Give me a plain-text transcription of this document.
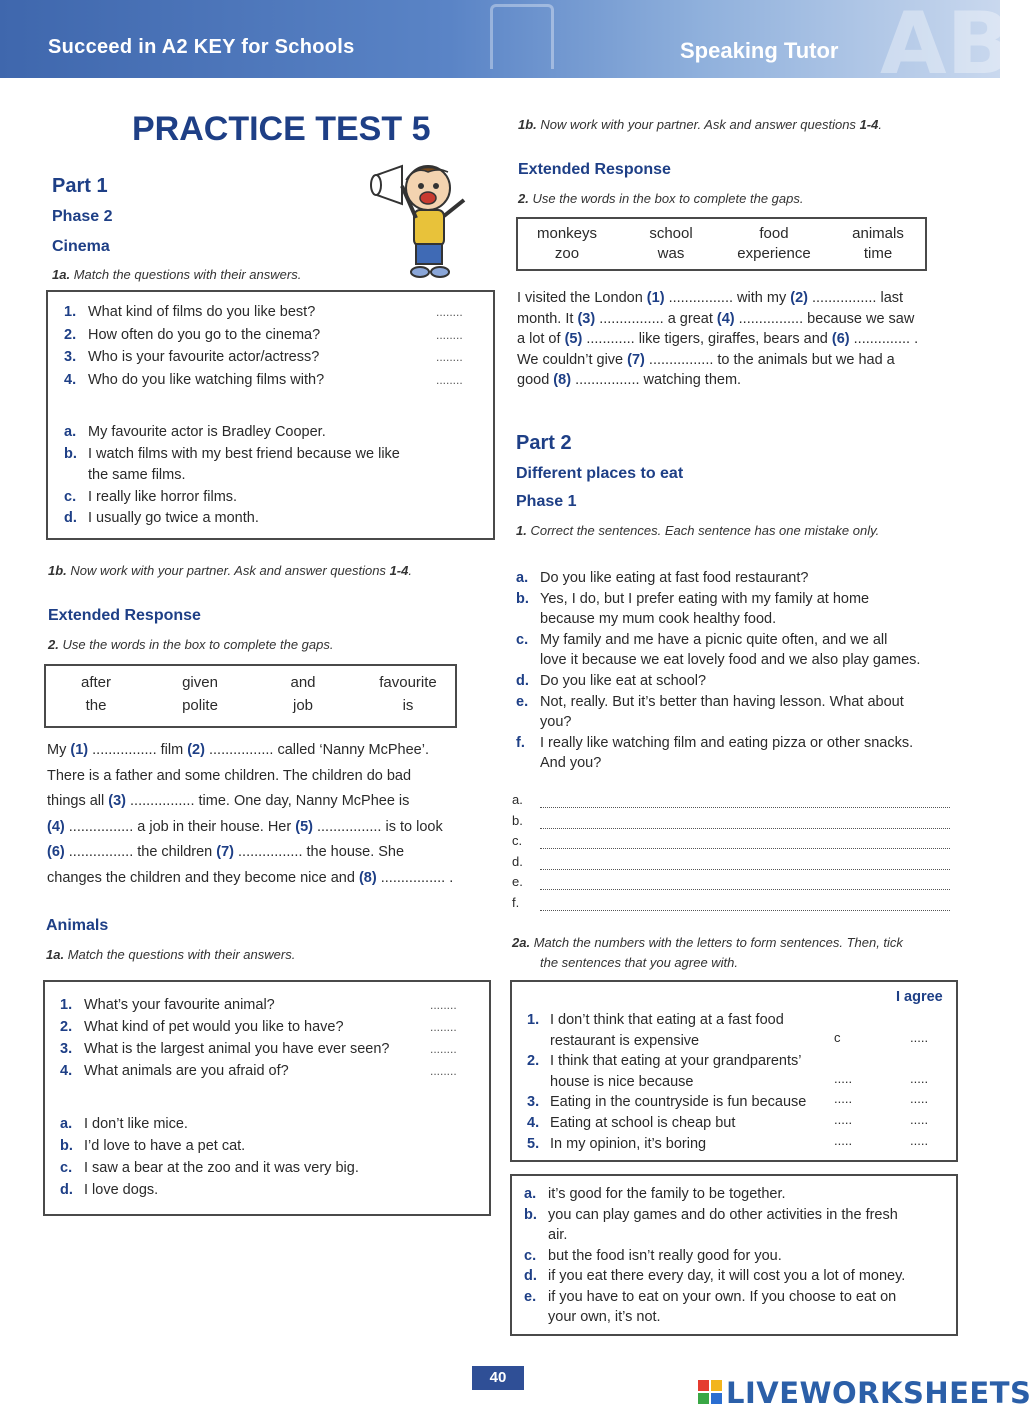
AB
Succeed in A2 KEY for Schools	Speaking Tutor
PRACTICE TEST 5
Part 1
Phase 2
Cinema
1a. Match the questions with their answers.
1. What kind of films do you like best?	........
2. How often do you go to the cinema?	........
3. Who is your favourite actor/actress?	........
4. Who do you like watching films with?	........
a. My favourite actor is Bradley Cooper.
b. I watch films with my best friend because we like
the same films.
c. I really like horror films.
d. I usually go twice a month.
1b. Now work with your partner. Ask and answer questions 1-4.
Extended Response
2. Use the words in the box to complete the gaps.
after	given	and	favourite
the	polite	job	is
My (1) ................ film (2) ................ called ‘Nanny McPhee’.
There is a father and some children. The children do bad
things all (3) ................ time. One day, Nanny McPhee is
(4) ................ a job in their house. Her (5) ................ is to look
(6) ................ the children (7) ................ the house. She
changes the children and they become nice and (8) ................ .
Animals
1a. Match the questions with their answers.
1. What’s your favourite animal?	........
2. What kind of pet would you like to have?	........
3. What is the largest animal you have ever seen?	........
4. What animals are you afraid of?	........
a. I don’t like mice.
b. I’d love to have a pet cat.
c. I saw a bear at the zoo and it was very big.
d. I love dogs.
1b. Now work with your partner. Ask and answer questions 1-4.
Extended Response
2. Use the words in the box to complete the gaps.
monkeys	school	food	animals
zoo	was	experience	time
I visited the London (1) ................ with my (2) ................ last
month. It (3) ................ a great (4) ................ because we saw
a lot of (5) ............ like tigers, giraffes, bears and (6) .............. .
We couldn’t give (7) ................ to the animals but we had a
good (8) ................ watching them.
Part 2
Different places to eat
Phase 1
1. Correct the sentences. Each sentence has one mistake only.
a. Do you like eating at fast food restaurant?
b. Yes, I do, but I prefer eating with my family at home
because my mum cook healthy food.
c. My family and me have a picnic quite often, and we all
love it because we eat lovely food and we also play games.
d. Do you like eat at school?
e. Not, really. But it’s better than having lesson. What about
you?
f. I really like watching film and eating pizza or other snacks.
And you?
a.
b.
c.
d.
e.
f.
2a. Match the numbers with the letters to form sentences. Then, tick
the sentences that you agree with.
I agree
1. I don’t think that eating at a fast food
restaurant is expensive	c	.....
2. I think that eating at your grandparents’
house is nice because	.....	.....
3. Eating in the countryside is fun because .....	.....
4. Eating at school is cheap but	.....	.....
5. In my opinion, it’s boring	.....	.....
a. it’s good for the family to be together.
b. you can play games and do other activities in the fresh
air.
c. but the food isn’t really good for you.
d. if you eat there every day, it will cost you a lot of money.
e. if you have to eat on your own. If you choose to eat on
your own, it’s not.
40	LIVEWORKSHEETS
